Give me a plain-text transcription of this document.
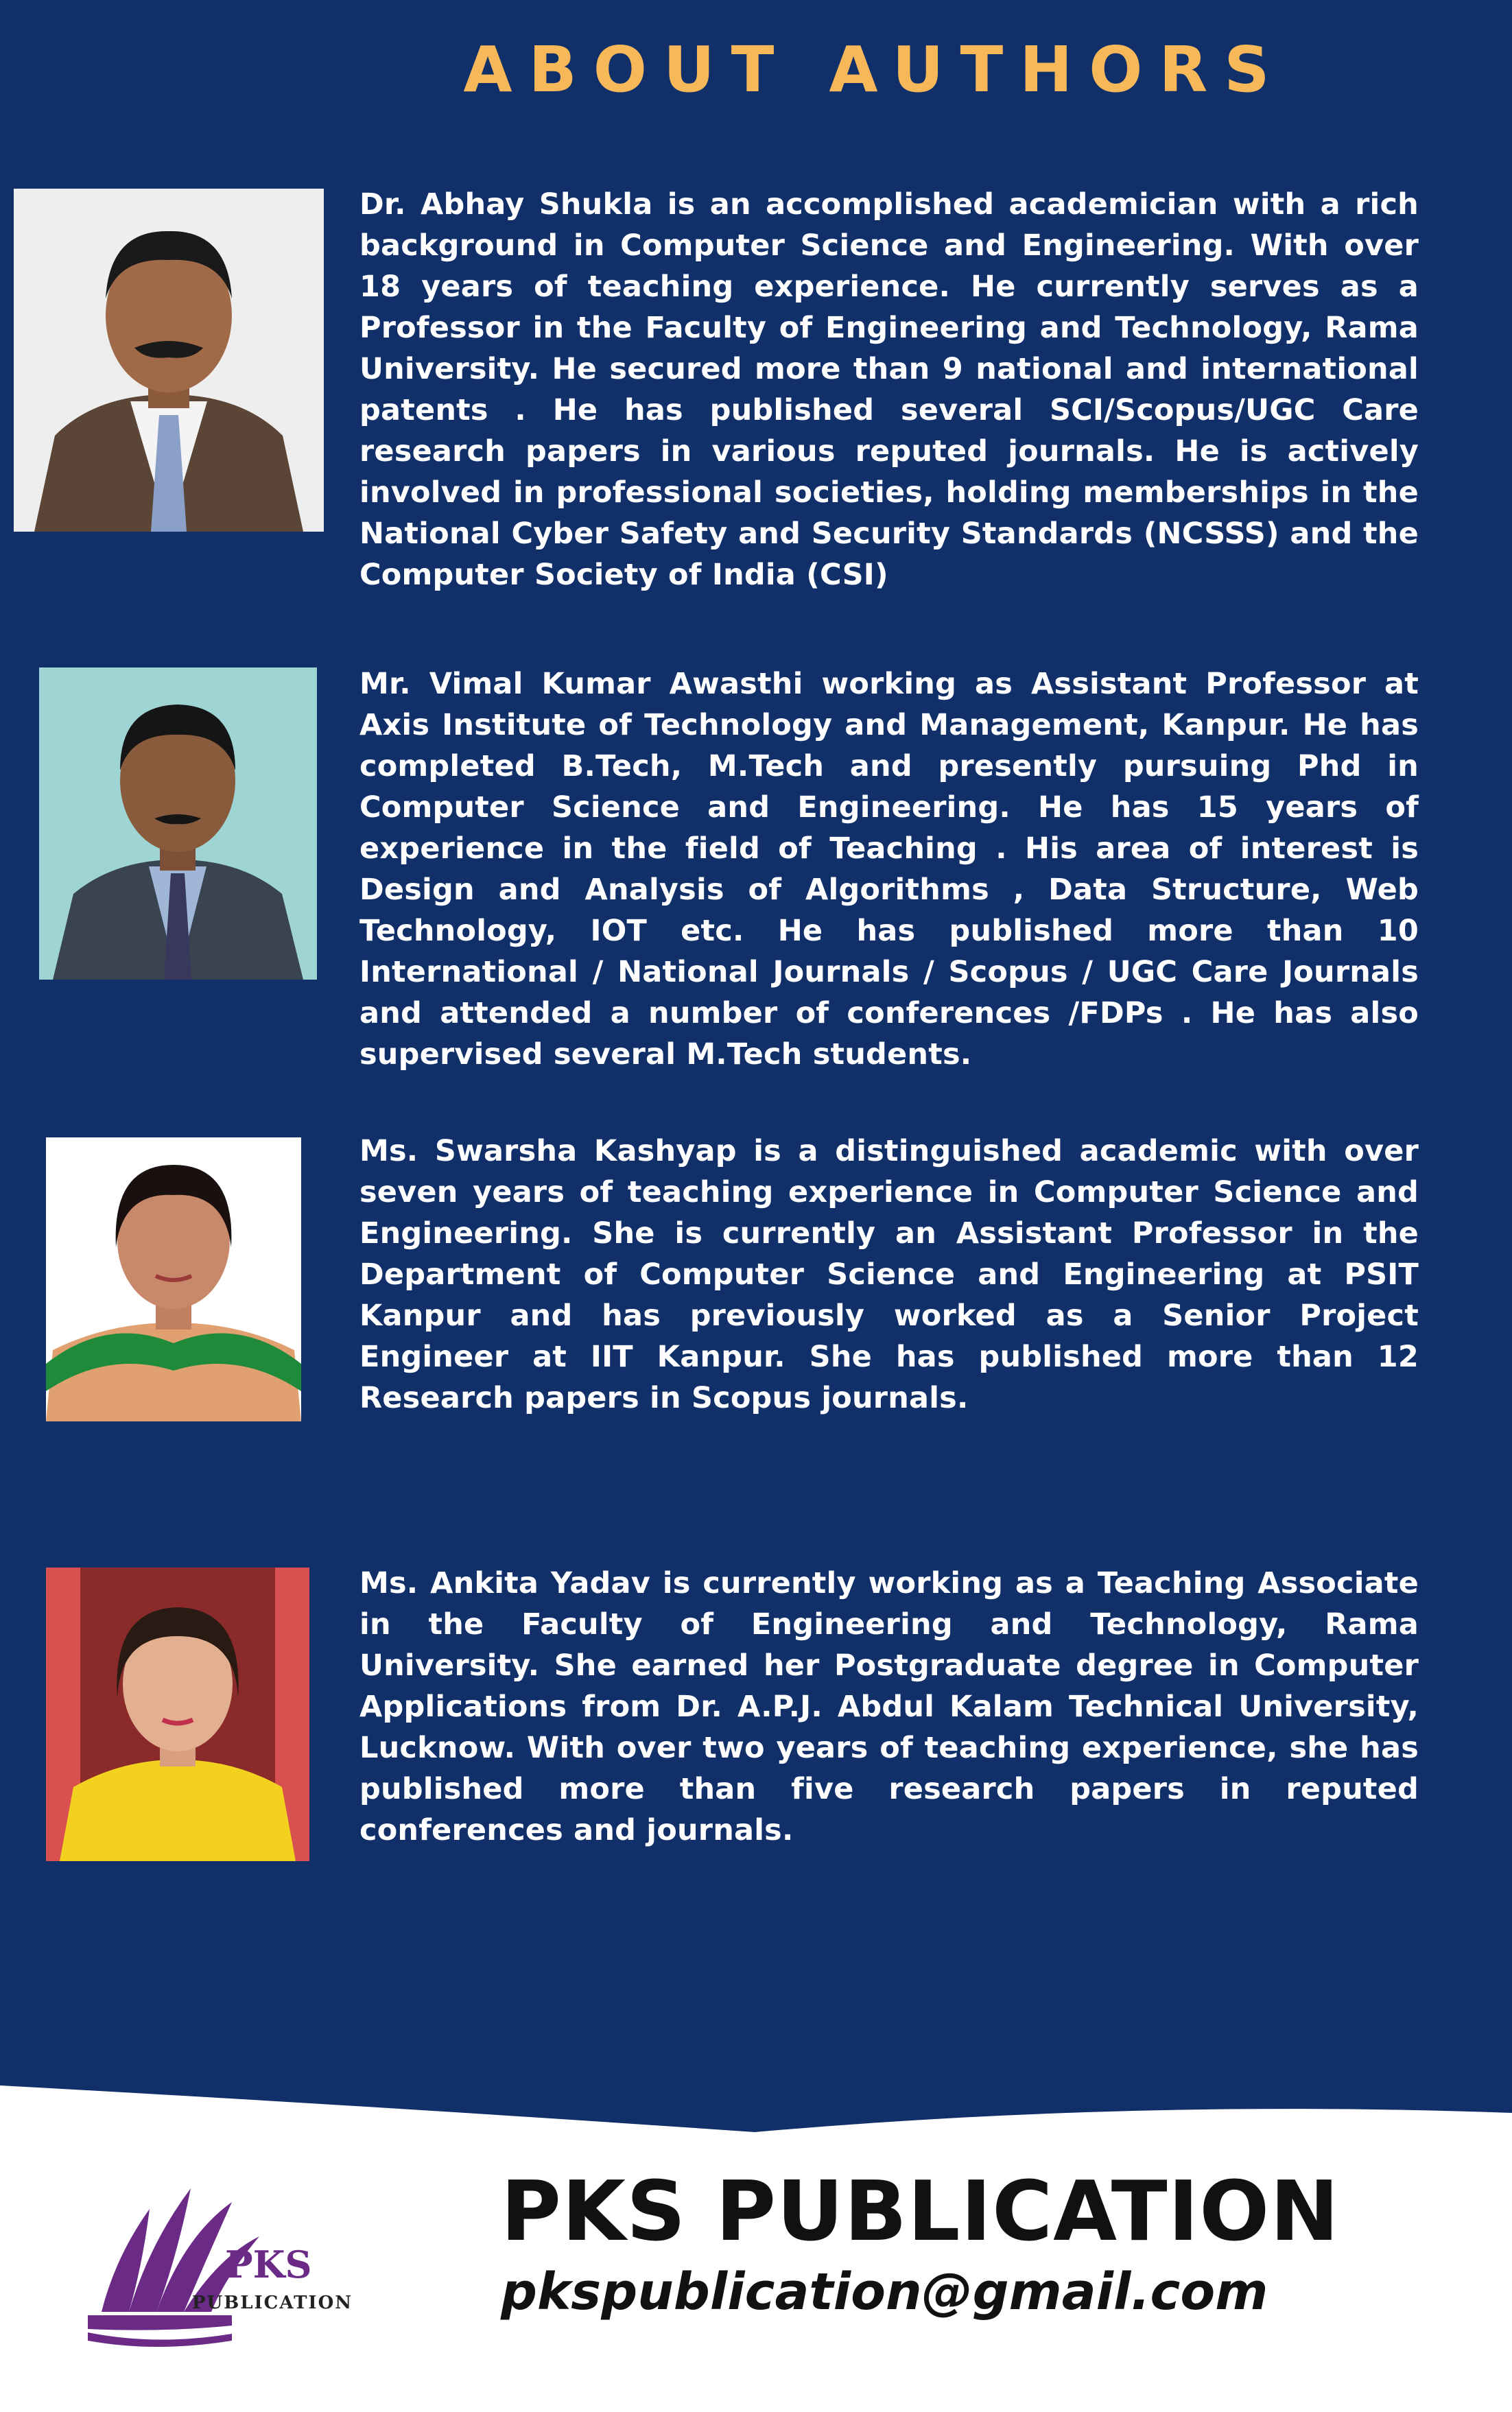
ABOUT AUTHORS
Dr. Abhay Shukla is an accomplished academician with a rich background in Computer Science and Engineering. With over 18 years of teaching experience. He currently serves as a Professor in the Faculty of Engineering and Technology, Rama University. He secured more than 9 national and international patents . He has published several SCI/Scopus/UGC Care research papers in various reputed journals. He is actively involved in professional societies, holding memberships in the National Cyber Safety and Security Standards (NCSSS) and the Computer Society of India (CSI)
Mr. Vimal Kumar Awasthi working as Assistant Professor at Axis Institute of Technology and Management, Kanpur. He has completed B.Tech, M.Tech and presently pursuing Phd in Computer Science and Engineering. He has 15 years of experience in the field of Teaching . His area of interest is Design and Analysis of Algorithms , Data Structure, Web Technology, IOT etc. He has published more than 10 International / National Journals / Scopus / UGC Care Journals and attended a number of conferences /FDPs . He has also supervised several M.Tech students.
Ms. Swarsha Kashyap is a distinguished academic with over seven years of teaching experience in Computer Science and Engineering. She is currently an Assistant Professor in the Department of Computer Science and Engineering at PSIT Kanpur and has previously worked as a Senior Project Engineer at IIT Kanpur. She has published more than 12 Research papers in Scopus journals.
Ms. Ankita Yadav is currently working as a Teaching Associate in the Faculty of Engineering and Technology, Rama University. She earned her Postgraduate degree in Computer Applications from Dr. A.P.J. Abdul Kalam Technical University, Lucknow. With over two years of teaching experience, she has published more than five research papers in reputed conferences and journals.
PKS
PUBLICATION
PKS PUBLICATION
pkspublication@gmail.com
